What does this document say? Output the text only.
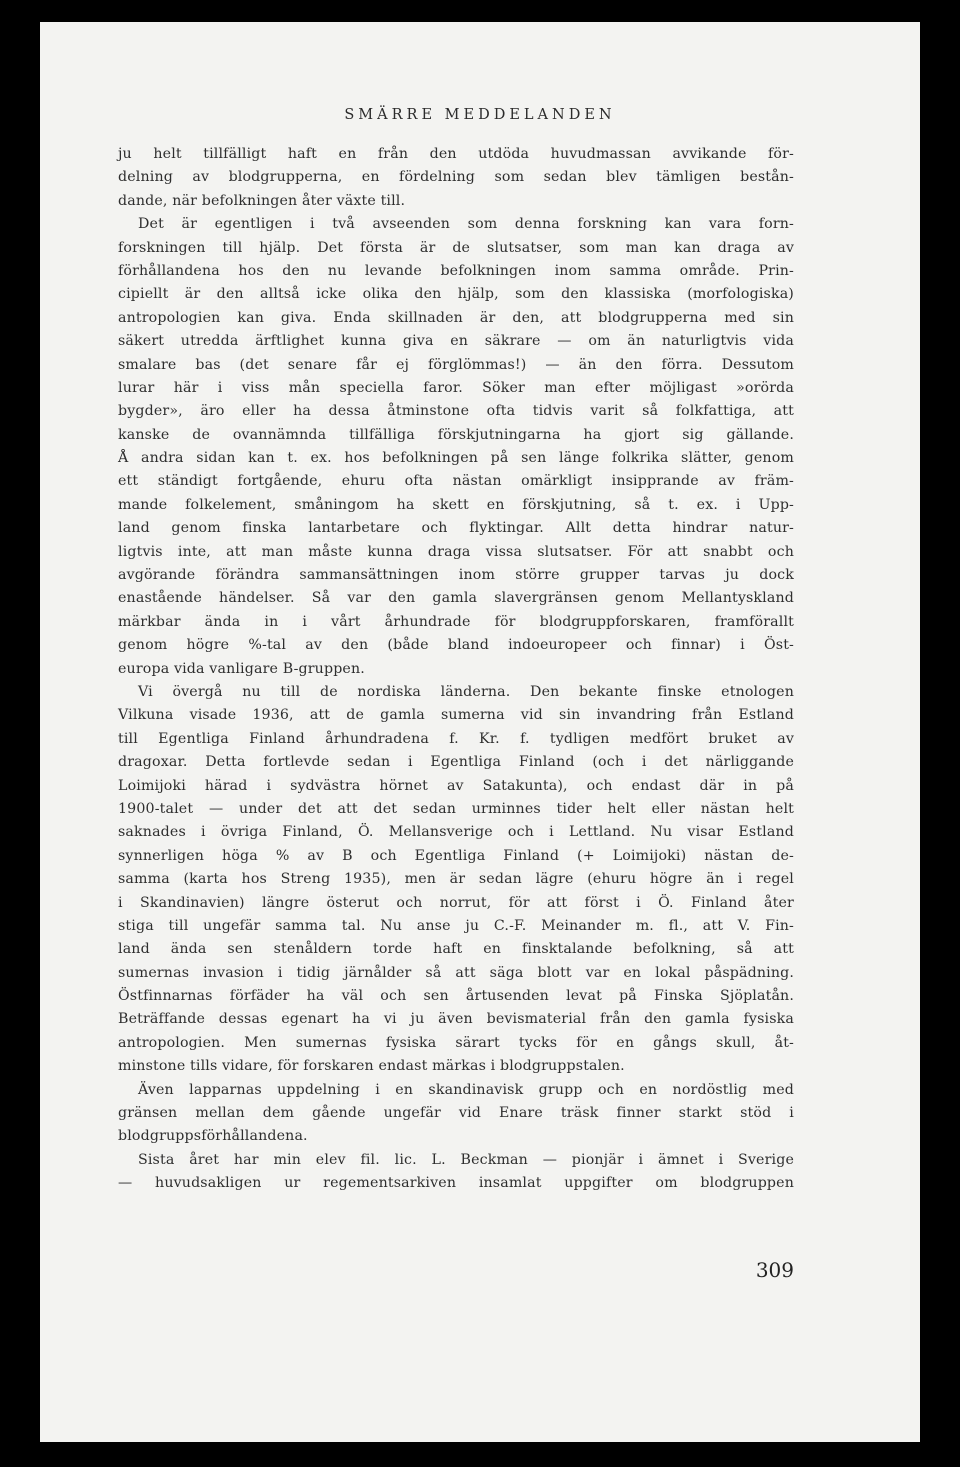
SMÄRRE MEDDELANDEN
ju helt tillfälligt haft en från den utdöda huvudmassan avvikande för-
delning av blodgrupperna, en fördelning som sedan blev tämligen bestån-
dande, när befolkningen åter växte till.
Det är egentligen i två avseenden som denna forskning kan vara forn-
forskningen till hjälp. Det första är de slutsatser, som man kan draga av
förhållandena hos den nu levande befolkningen inom samma område. Prin-
cipiellt är den alltså icke olika den hjälp, som den klassiska (morfologiska)
antropologien kan giva. Enda skillnaden är den, att blodgrupperna med sin
säkert utredda ärftlighet kunna giva en säkrare — om än naturligtvis vida
smalare bas (det senare får ej förglömmas!) — än den förra. Dessutom
lurar här i viss mån speciella faror. Söker man efter möjligast »orörda
bygder», äro eller ha dessa åtminstone ofta tidvis varit så folkfattiga, att
kanske de ovannämnda tillfälliga förskjutningarna ha gjort sig gällande.
Å andra sidan kan t. ex. hos befolkningen på sen länge folkrika slätter, genom
ett ständigt fortgående, ehuru ofta nästan omärkligt insipprande av främ-
mande folkelement, småningom ha skett en förskjutning, så t. ex. i Upp-
land genom finska lantarbetare och flyktingar. Allt detta hindrar natur-
ligtvis inte, att man måste kunna draga vissa slutsatser. För att snabbt och
avgörande förändra sammansättningen inom större grupper tarvas ju dock
enastående händelser. Så var den gamla slavergränsen genom Mellantyskland
märkbar ända in i vårt århundrade för blodgruppforskaren, framförallt
genom högre %-tal av den (både bland indoeuropeer och finnar) i Öst-
europa vida vanligare B-gruppen.
Vi övergå nu till de nordiska länderna. Den bekante finske etnologen
Vilkuna visade 1936, att de gamla sumerna vid sin invandring från Estland
till Egentliga Finland århundradena f. Kr. f. tydligen medfört bruket av
dragoxar. Detta fortlevde sedan i Egentliga Finland (och i det närliggande
Loimijoki härad i sydvästra hörnet av Satakunta), och endast där in på
1900-talet — under det att det sedan urminnes tider helt eller nästan helt
saknades i övriga Finland, Ö. Mellansverige och i Lettland. Nu visar Estland
synnerligen höga % av B och Egentliga Finland (+ Loimijoki) nästan de-
samma (karta hos Streng 1935), men är sedan lägre (ehuru högre än i regel
i Skandinavien) längre österut och norrut, för att först i Ö. Finland åter
stiga till ungefär samma tal. Nu anse ju C.-F. Meinander m. fl., att V. Fin-
land ända sen stenåldern torde haft en finsktalande befolkning, så att
sumernas invasion i tidig järnålder så att säga blott var en lokal påspädning.
Östfinnarnas förfäder ha väl och sen årtusenden levat på Finska Sjöplatån.
Beträffande dessas egenart ha vi ju även bevismaterial från den gamla fysiska
antropologien. Men sumernas fysiska särart tycks för en gångs skull, åt-
minstone tills vidare, för forskaren endast märkas i blodgruppstalen.
Även lapparnas uppdelning i en skandinavisk grupp och en nordöstlig med
gränsen mellan dem gående ungefär vid Enare träsk finner starkt stöd i
blodgruppsförhållandena.
Sista året har min elev fil. lic. L. Beckman — pionjär i ämnet i Sverige
— huvudsakligen ur regementsarkiven insamlat uppgifter om blodgruppen
309
